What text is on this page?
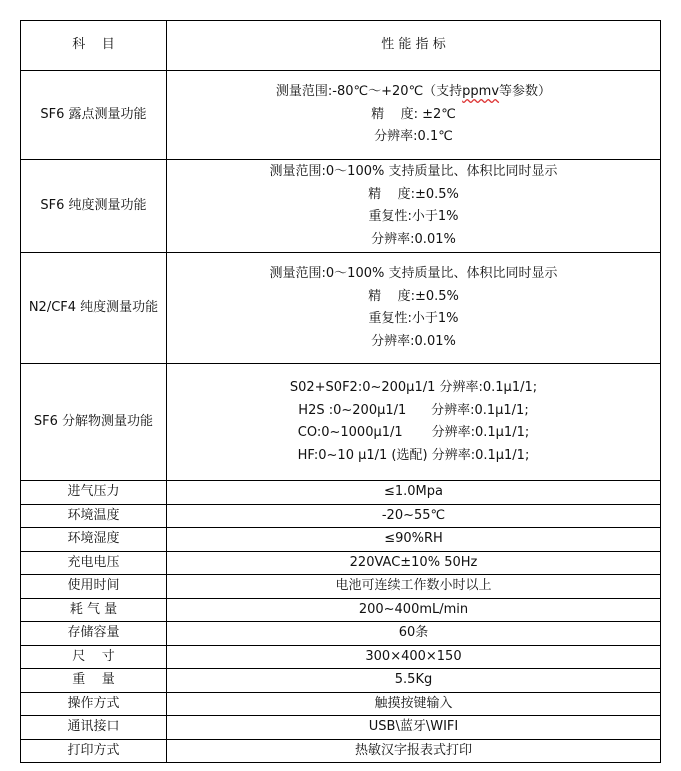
科    目	性 能 指 标
SF6 露点测量功能	测量范围:-80℃～+20℃（支持ppmv等参数）
精    度: ±2℃
分辨率:0.1℃

SF6 纯度测量功能	测量范围:0～100% 支持质量比、体积比同时显示
精    度:±0.5%
重复性:小于1%
分辨率:0.01%

N2/CF4 纯度测量功能	测量范围:0～100% 支持质量比、体积比同时显示
精    度:±0.5%
重复性:小于1%
分辨率:0.01%

SF6 分解物测量功能	S02+S0F2:0~200µ1/1 分辨率:0.1µ1/1;
H2S :0~200µ1/1      分辨率:0.1µ1/1;
CO:0~1000µ1/1       分辨率:0.1µ1/1;
HF:0~10 µ1/1 (选配) 分辨率:0.1µ1/1;

进气压力	≤1.0Mpa
环境温度	-20~55℃
环境湿度	≤90%RH
充电电压	220VAC±10% 50Hz
使用时间	电池可连续工作数小时以上
耗 气 量	200~400mL/min
存储容量	60条
尺    寸	300×400×150
重    量	5.5Kg
操作方式	触摸按键输入
通讯接口	USB\蓝牙\WIFI
打印方式	热敏汉字报表式打印
